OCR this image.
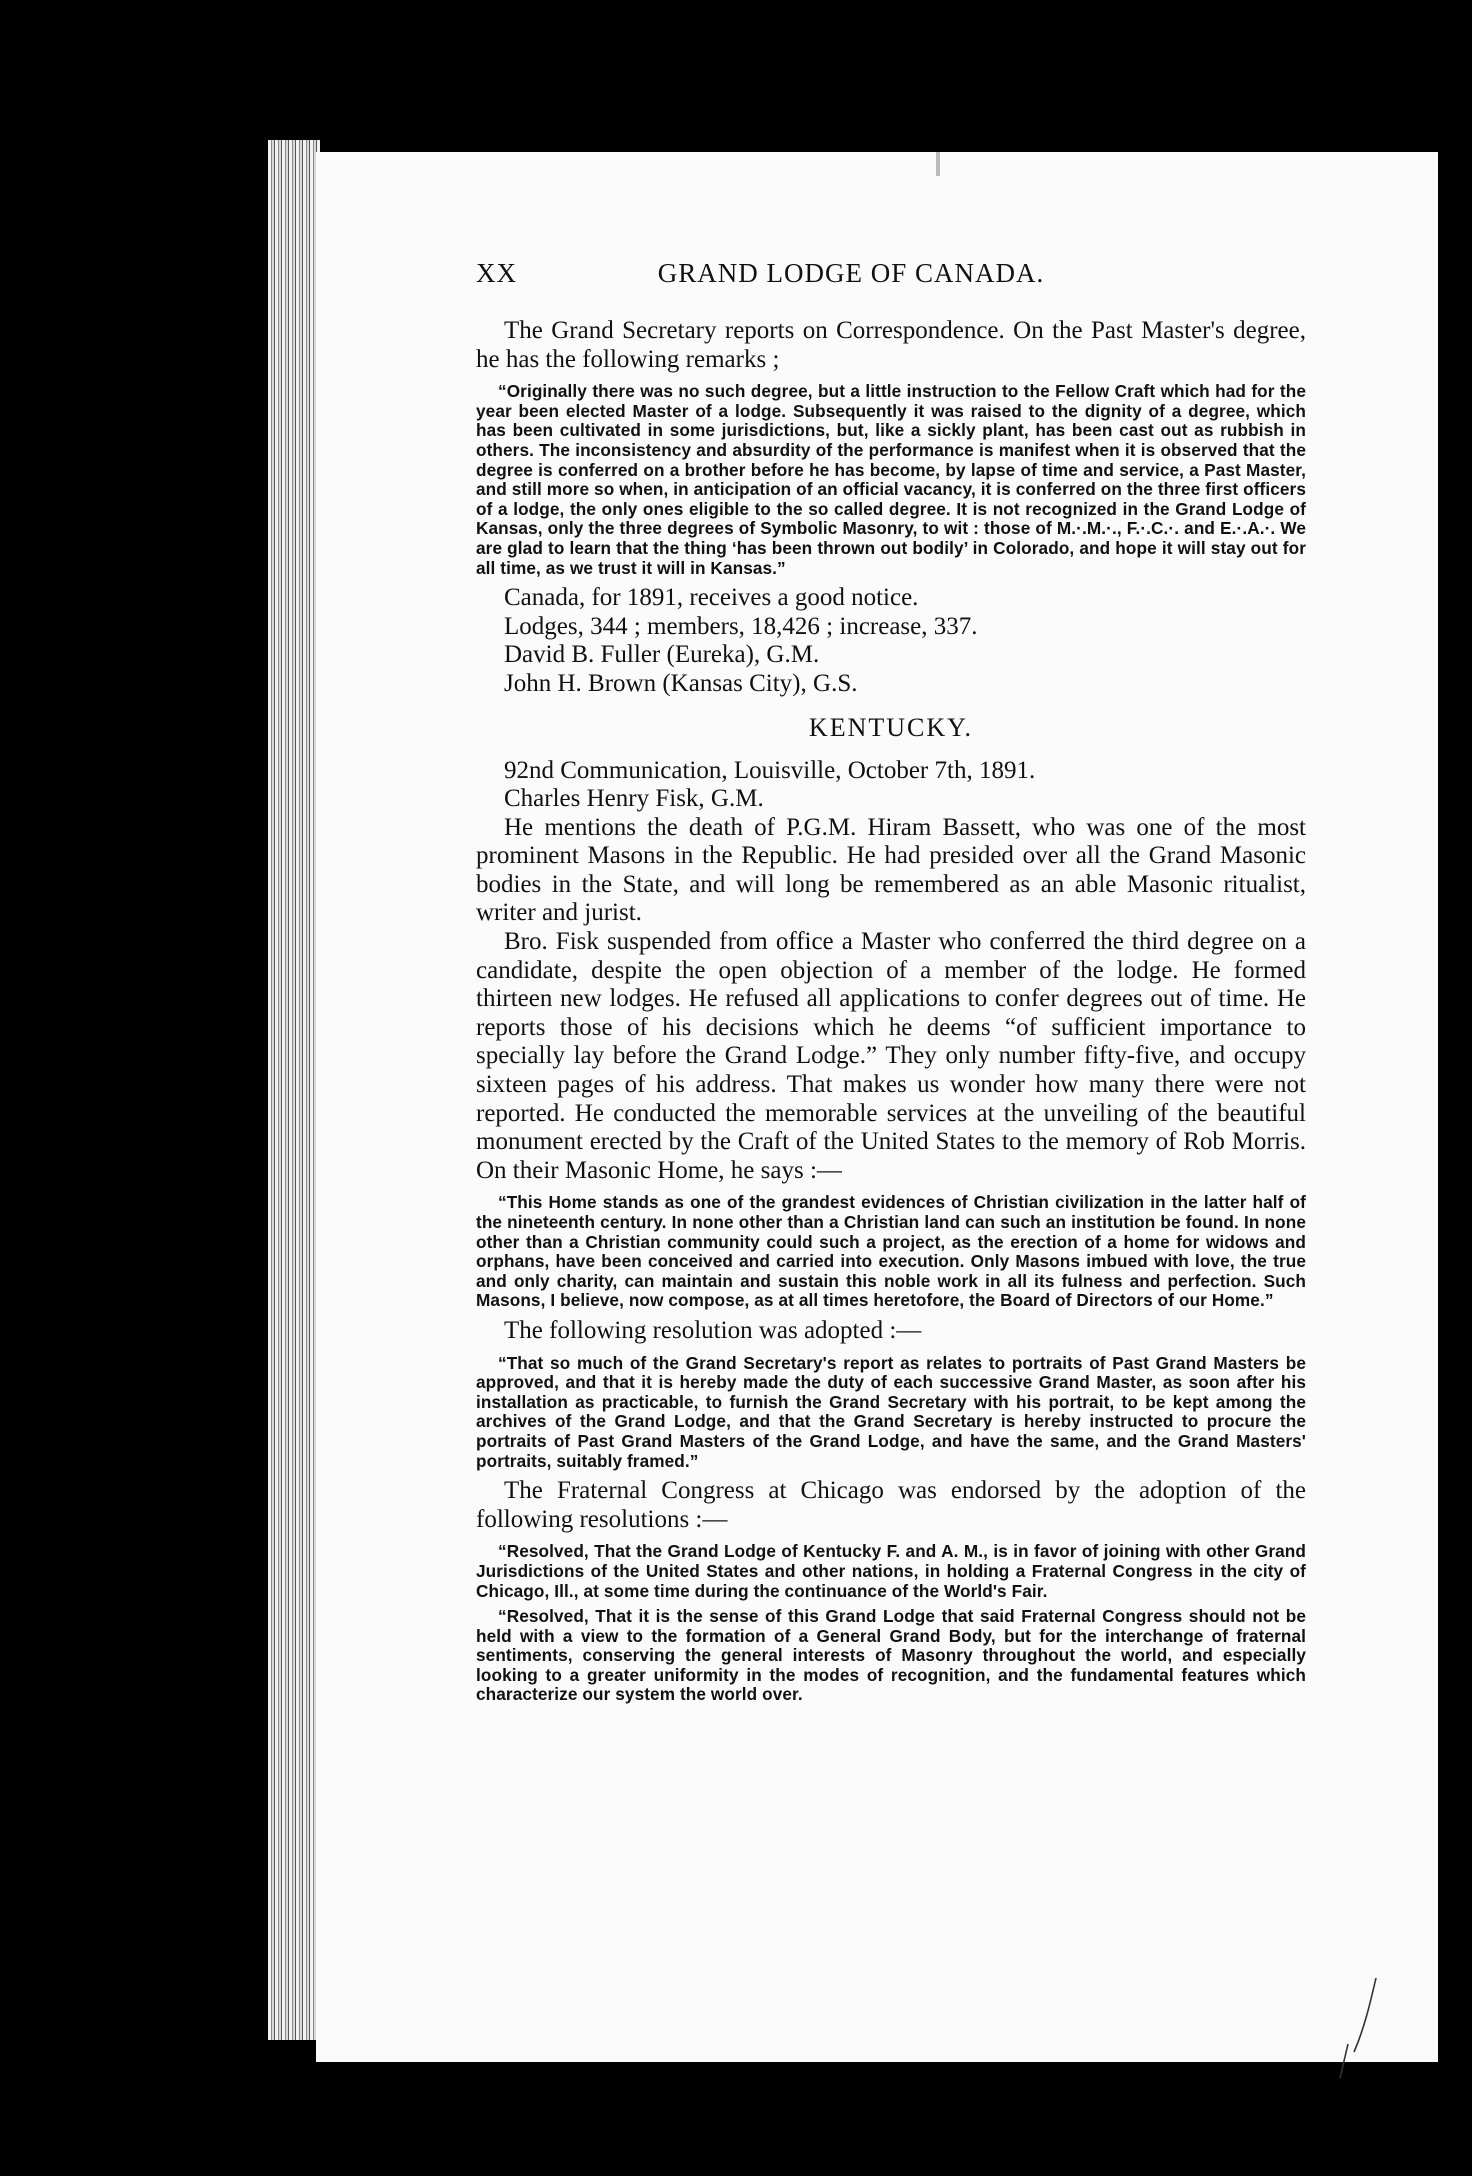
XX	GRAND LODGE OF CANADA.

The Grand Secretary reports on Correspondence. On the Past Master's degree, he has the following remarks ;

“Originally there was no such degree, but a little instruction to the Fellow Craft which had for the year been elected Master of a lodge. Subsequently it was raised to the dignity of a degree, which has been cultivated in some jurisdictions, but, like a sickly plant, has been cast out as rubbish in others. The inconsistency and absurdity of the performance is manifest when it is observed that the degree is conferred on a brother before he has become, by lapse of time and service, a Past Master, and still more so when, in anticipation of an official vacancy, it is conferred on the three first officers of a lodge, the only ones eligible to the so called degree. It is not recognized in the Grand Lodge of Kansas, only the three degrees of Symbolic Masonry, to wit : those of M.·.M.·., F.·.C.·. and E.·.A.·. We are glad to learn that the thing ‘has been thrown out bodily’ in Colorado, and hope it will stay out for all time, as we trust it will in Kansas.”

Canada, for 1891, receives a good notice.

Lodges, 344 ; members, 18,426 ; increase, 337.

David B. Fuller (Eureka), G.M.

John H. Brown (Kansas City), G.S.

KENTUCKY.

92nd Communication, Louisville, October 7th, 1891.

Charles Henry Fisk, G.M.

He mentions the death of P.G.M. Hiram Bassett, who was one of the most prominent Masons in the Republic. He had presided over all the Grand Masonic bodies in the State, and will long be remembered as an able Masonic ritualist, writer and jurist.

Bro. Fisk suspended from office a Master who conferred the third degree on a candidate, despite the open objection of a member of the lodge. He formed thirteen new lodges. He refused all applications to confer degrees out of time. He reports those of his decisions which he deems “of sufficient importance to specially lay before the Grand Lodge.” They only number fifty-five, and occupy sixteen pages of his address. That makes us wonder how many there were not reported. He conducted the memorable services at the unveiling of the beautiful monument erected by the Craft of the United States to the memory of Rob Morris. On their Masonic Home, he says :—

“This Home stands as one of the grandest evidences of Christian civilization in the latter half of the nineteenth century. In none other than a Christian land can such an institution be found. In none other than a Christian community could such a project, as the erection of a home for widows and orphans, have been conceived and carried into execution. Only Masons imbued with love, the true and only charity, can maintain and sustain this noble work in all its fulness and perfection. Such Masons, I believe, now compose, as at all times heretofore, the Board of Directors of our Home.”

The following resolution was adopted :—

“That so much of the Grand Secretary's report as relates to portraits of Past Grand Masters be approved, and that it is hereby made the duty of each successive Grand Master, as soon after his installation as practicable, to furnish the Grand Secretary with his portrait, to be kept among the archives of the Grand Lodge, and that the Grand Secretary is hereby instructed to procure the portraits of Past Grand Masters of the Grand Lodge, and have the same, and the Grand Masters' portraits, suitably framed.”

The Fraternal Congress at Chicago was endorsed by the adoption of the following resolutions :—

“Resolved, That the Grand Lodge of Kentucky F. and A. M., is in favor of joining with other Grand Jurisdictions of the United States and other nations, in holding a Fraternal Congress in the city of Chicago, Ill., at some time during the continuance of the World's Fair.

“Resolved, That it is the sense of this Grand Lodge that said Fraternal Congress should not be held with a view to the formation of a General Grand Body, but for the interchange of fraternal sentiments, conserving the general interests of Masonry throughout the world, and especially looking to a greater uniformity in the modes of recognition, and the fundamental features which characterize our system the world over.
